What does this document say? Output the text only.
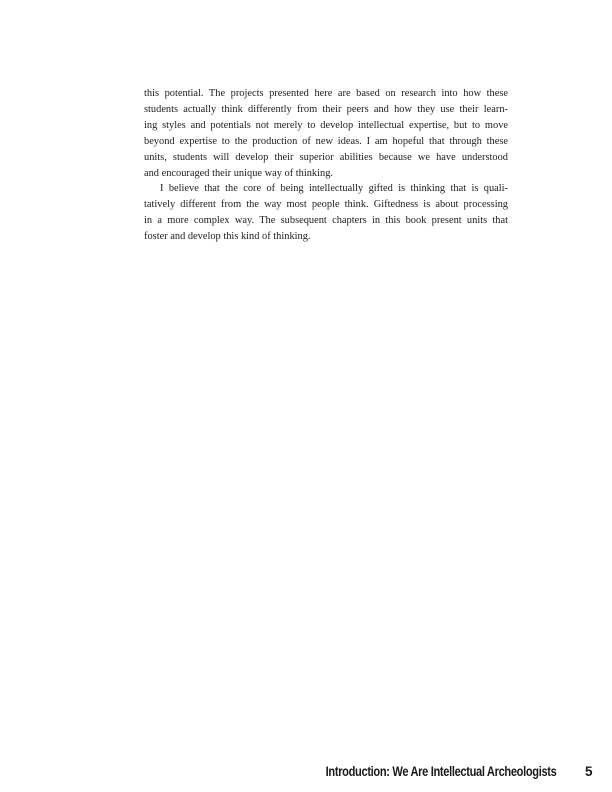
this potential. The projects presented here are based on research into how these
students actually think differently from their peers and how they use their learn-
ing styles and potentials not merely to develop intellectual expertise, but to move
beyond expertise to the production of new ideas. I am hopeful that through these
units, students will develop their superior abilities because we have understood
and encouraged their unique way of thinking.
I believe that the core of being intellectually gifted is thinking that is quali-
tatively different from the way most people think. Giftedness is about processing
in a more complex way. The subsequent chapters in this book present units that
foster and develop this kind of thinking.
Introduction: We Are Intellectual Archeologists 5
